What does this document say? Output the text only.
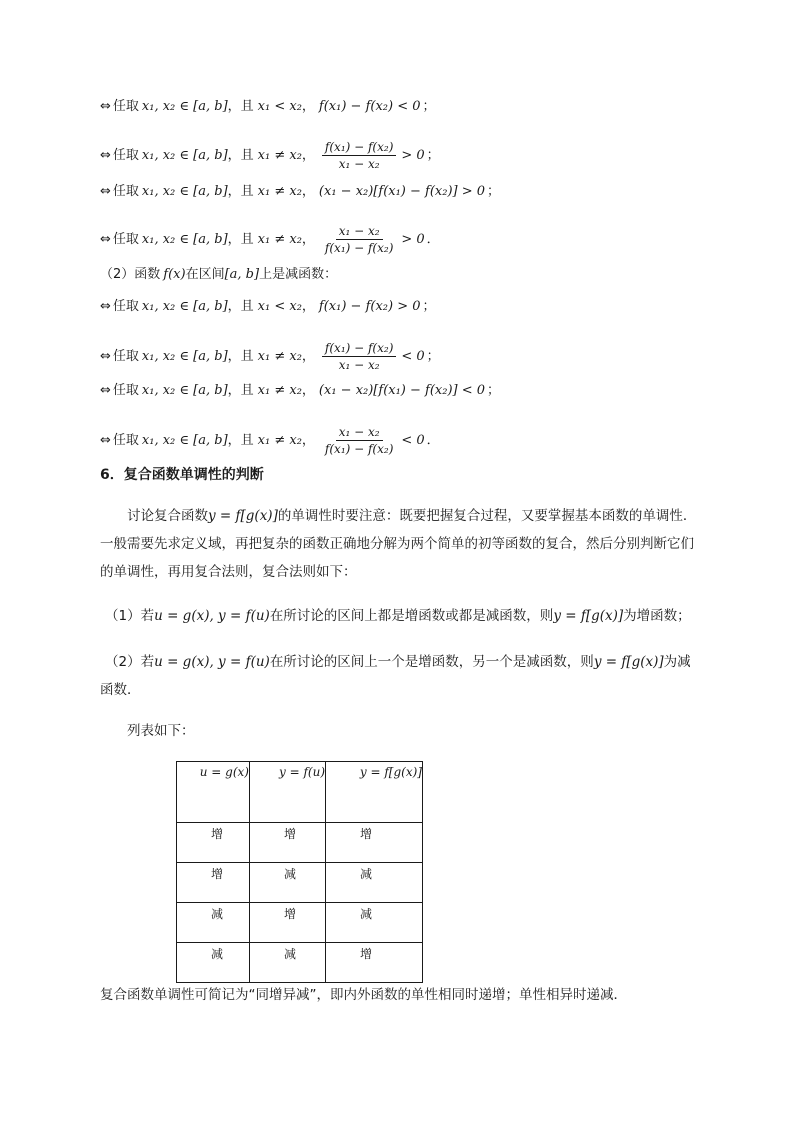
⇔ 任取 x₁, x₂ ∈ [a, b] ，且 x₁ < x₂ ， f(x₁) − f(x₂) < 0 ；
⇔ 任取 x₁, x₂ ∈ [a, b] ，且 x₁ ≠ x₂ ， $\frac{\text{f(x₁) − f(x₂)}}{\text{x₁ − x₂}} > 0$ ；
⇔ 任取 x₁, x₂ ∈ [a, b] ，且 x₁ ≠ x₂ ， (x₁ − x₂)[f(x₁) − f(x₂)] > 0 ；
⇔ 任取 x₁, x₂ ∈ [a, b] ，且 x₁ ≠ x₂ ， $\frac{\text{x₁ − x₂}}{\text{f(x₁) − f(x₂)}} > 0$ ．
（2）函数 f(x) 在区间 [a, b] 上是减函数：
⇔ 任取 x₁, x₂ ∈ [a, b] ，且 x₁ < x₂ ， f(x₁) − f(x₂) > 0 ；
⇔ 任取 x₁, x₂ ∈ [a, b] ，且 x₁ ≠ x₂ ， $\frac{\text{f(x₁) − f(x₂)}}{\text{x₁ − x₂}} < 0$ ；
⇔ 任取 x₁, x₂ ∈ [a, b] ，且 x₁ ≠ x₂ ， (x₁ − x₂)[f(x₁) − f(x₂)] < 0 ；
⇔ 任取 x₁, x₂ ∈ [a, b] ，且 x₁ ≠ x₂ ， $\frac{\text{x₁ − x₂}}{\text{f(x₁) − f(x₂)}} < 0$ ．
6．复合函数单调性的判断
讨论复合函数y = f[g(x)]的单调性时要注意：既要把握复合过程，又要掌握基本函数的单调性．一般需要先求定义域，再把复杂的函数正确地分解为两个简单的初等函数的复合，然后分别判断它们的单调性，再用复合法则，复合法则如下：
（1）若u = g(x), y = f(u)在所讨论的区间上都是增函数或都是减函数，则y = f[g(x)]为增函数；
（2）若u = g(x), y = f(u)在所讨论的区间上一个是增函数，另一个是减函数，则y = f[g(x)]为减函数．
列表如下：
u = g(x)	y = f(u)	y = f[g(x)]

增	增	增

增	减	减

减	增	减

减	减	增
复合函数单调性可简记为“同增异减”，即内外函数的单性相同时递增；单性相异时递减．
